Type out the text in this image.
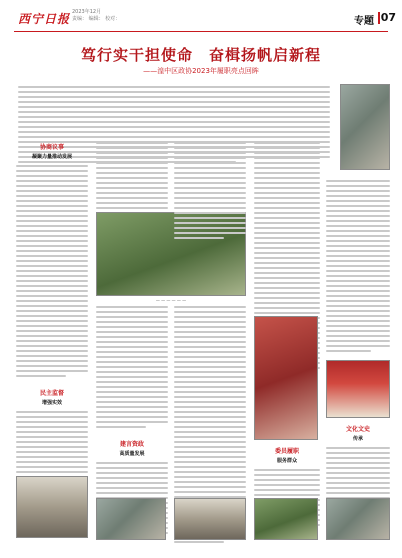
西宁日报 2023年12月
责编： 编辑： 校对：	专题 07
笃行实干担使命　奋楫扬帆启新程
——湟中区政协2023年履职亮点回眸
协商议事
凝聚力量推动发展
民主监督
增强实效
— — — — — —
建言资政
高质量发展	委员履职
服务群众
文化文史
传承
